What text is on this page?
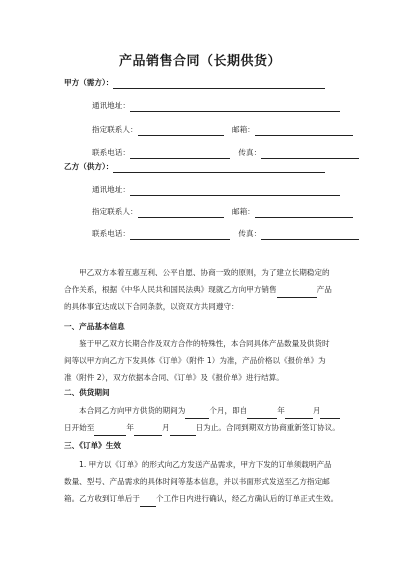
产品销售合同（长期供货）
甲方（需方）：
通讯地址：
指定联系人：	邮箱：
联系电话：	传真：
乙方（供方）：
通讯地址：
指定联系人：	邮箱：
联系电话：	传真：

甲乙双方本着互惠互利、公平自愿、协商一致的原则，为了建立长期稳定的

合作关系，根据《中华人民共和国民法典》现就乙方向甲方销售	产品

的具体事宜达成以下合同条款，以资双方共同遵守：

一、产品基本信息

鉴于甲乙双方长期合作及双方合作的特殊性，本合同具体产品数量及供货时

间等以甲方向乙方下发具体《订单》（附件 1）为准，产品价格以《报价单》为

准（附件 2），双方依据本合同、《订单》及《报价单》进行结算。

二、供货期间

本合同乙方向甲方供货的期间为	个月，即自	年	月

日开始至	年	月	日为止。合同到期双方协商重新签订协议。

三、《订单》生效

1. 甲方以《订单》的形式向乙方发送产品需求，甲方下发的订单须载明产品

数量、型号、产品需求的具体时间等基本信息，并以书面形式发送至乙方指定邮

箱。乙方收到订单后于 个工作日内进行确认，经乙方确认后的订单正式生效。
